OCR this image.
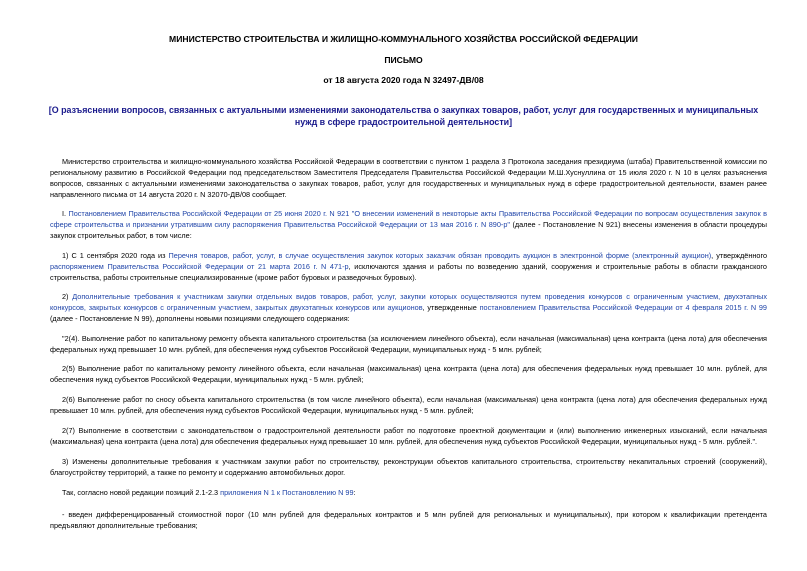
МИНИСТЕРСТВО СТРОИТЕЛЬСТВА И ЖИЛИЩНО-КОММУНАЛЬНОГО ХОЗЯЙСТВА РОССИЙСКОЙ ФЕДЕРАЦИИ
ПИСЬМО
от 18 августа 2020 года N 32497-ДВ/08
[О разъяснении вопросов, связанных с актуальными изменениями законодательства о закупках товаров, работ, услуг для государственных и муниципальных нужд в сфере градостроительной деятельности]

Министерство строительства и жилищно-коммунального хозяйства Российской Федерации в соответствии с пунктом 1 раздела 3 Протокола заседания президиума (штаба) Правительственной комиссии по региональному развитию в Российской Федерации под председательством Заместителя Председателя Правительства Российской Федерации М.Ш.Хуснуллина от 15 июля 2020 г. N 10 в целях разъяснения вопросов, связанных с актуальными изменениями законодательства о закупках товаров, работ, услуг для государственных и муниципальных нужд в сфере градостроительной деятельности, взамен ранее направленного письма от 14 августа 2020 г. N 32070-ДВ/08 сообщает.

I. Постановлением Правительства Российской Федерации от 25 июня 2020 г. N 921 "О внесении изменений в некоторые акты Правительства Российской Федерации по вопросам осуществления закупок в сфере строительства и признании утратившим силу распоряжения Правительства Российской Федерации от 13 мая 2016 г. N 890-р" (далее - Постановление N 921) внесены изменения в области процедуры закупок строительных работ, в том числе:

1) С 1 сентября 2020 года из Перечня товаров, работ, услуг, в случае осуществления закупок которых заказчик обязан проводить аукцион в электронной форме (электронный аукцион), утверждённого распоряжением Правительства Российской Федерации от 21 марта 2016 г. N 471-р, исключаются здания и работы по возведению зданий, сооружения и строительные работы в области гражданского строительства, работы строительные специализированные (кроме работ буровых и разведочных буровых).

2) Дополнительные требования к участникам закупки отдельных видов товаров, работ, услуг, закупки которых осуществляются путем проведения конкурсов с ограниченным участием, двухэтапных конкурсов, закрытых конкурсов с ограниченным участием, закрытых двухэтапных конкурсов или аукционов, утвержденные постановлением Правительства Российской Федерации от 4 февраля 2015 г. N 99 (далее - Постановление N 99), дополнены новыми позициями следующего содержания:

"2(4). Выполнение работ по капитальному ремонту объекта капитального строительства (за исключением линейного объекта), если начальная (максимальная) цена контракта (цена лота) для обеспечения федеральных нужд превышает 10 млн. рублей, для обеспечения нужд субъектов Российской Федерации, муниципальных нужд - 5 млн. рублей;

2(5) Выполнение работ по капитальному ремонту линейного объекта, если начальная (максимальная) цена контракта (цена лота) для обеспечения федеральных нужд превышает 10 млн. рублей, для обеспечения нужд субъектов Российской Федерации, муниципальных нужд - 5 млн. рублей;

2(6) Выполнение работ по сносу объекта капитального строительства (в том числе линейного объекта), если начальная (максимальная) цена контракта (цена лота) для обеспечения федеральных нужд превышает 10 млн. рублей, для обеспечения нужд субъектов Российской Федерации, муниципальных нужд - 5 млн. рублей;

2(7) Выполнение в соответствии с законодательством о градостроительной деятельности работ по подготовке проектной документации и (или) выполнению инженерных изысканий, если начальная (максимальная) цена контракта (цена лота) для обеспечения федеральных нужд превышает 10 млн. рублей, для обеспечения нужд субъектов Российской Федерации, муниципальных нужд - 5 млн. рублей.".

3) Изменены дополнительные требования к участникам закупки работ по строительству, реконструкции объектов капитального строительства, строительству некапитальных строений (сооружений), благоустройству территорий, а также по ремонту и содержанию автомобильных дорог.

Так, согласно новой редакции позиций 2.1-2.3 приложения N 1 к Постановлению N 99:

- введен дифференцированный стоимостной порог (10 млн рублей для федеральных контрактов и 5 млн рублей для региональных и муниципальных), при котором к квалификации претендента предъявляют дополнительные требования;
